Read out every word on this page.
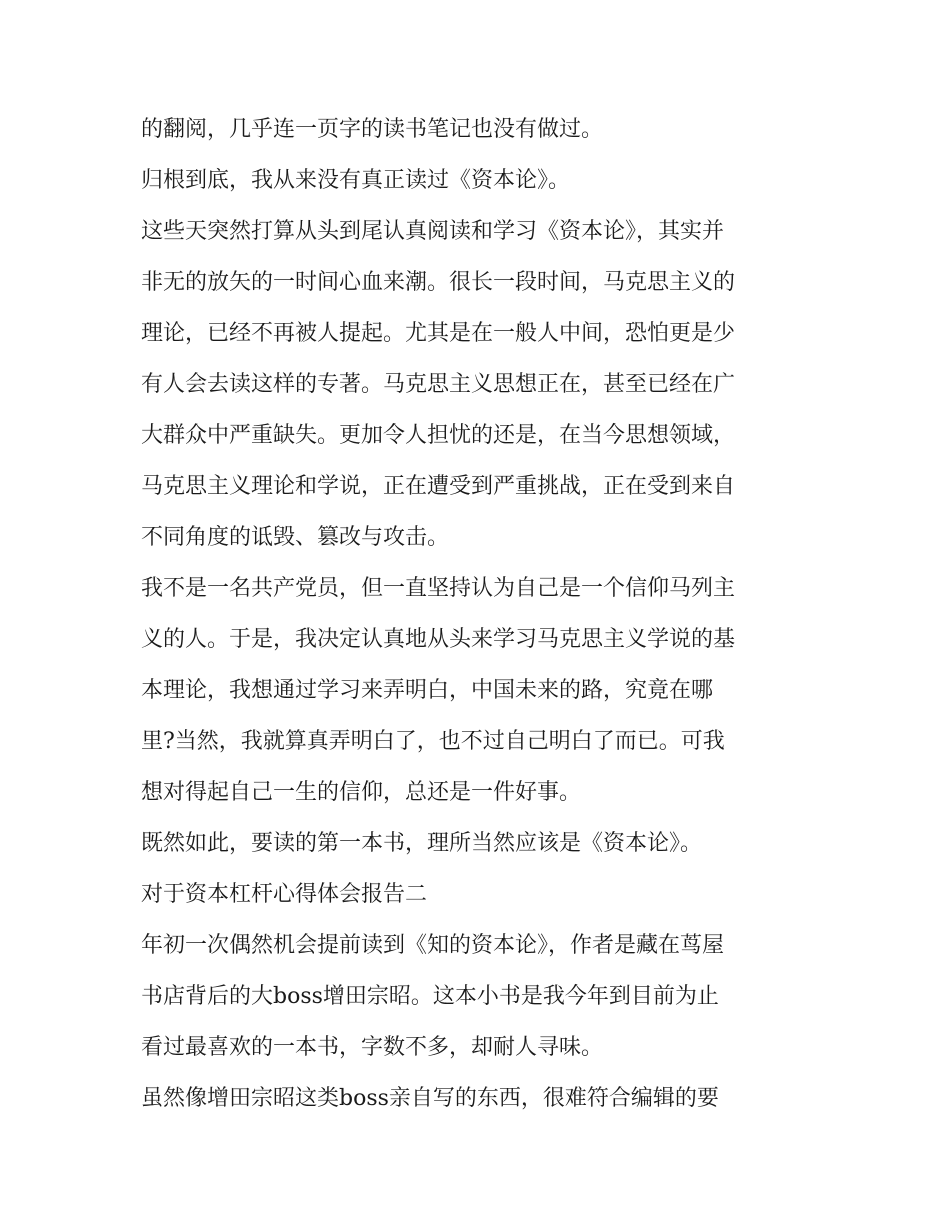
的翻阅，几乎连一页字的读书笔记也没有做过。

归根到底，我从来没有真正读过《资本论》。

这些天突然打算从头到尾认真阅读和学习《资本论》，其实并
非无的放矢的一时间心血来潮。很长一段时间，马克思主义的
理论，已经不再被人提起。尤其是在一般人中间，恐怕更是少
有人会去读这样的专著。马克思主义思想正在，甚至已经在广
大群众中严重缺失。更加令人担忧的还是，在当今思想领域，
马克思主义理论和学说，正在遭受到严重挑战，正在受到来自
不同角度的诋毁、篡改与攻击。

我不是一名共产党员，但一直坚持认为自己是一个信仰马列主
义的人。于是，我决定认真地从头来学习马克思主义学说的基
本理论，我想通过学习来弄明白，中国未来的路，究竟在哪
里?当然，我就算真弄明白了，也不过自己明白了而已。可我
想对得起自己一生的信仰，总还是一件好事。

既然如此，要读的第一本书，理所当然应该是《资本论》。

对于资本杠杆心得体会报告二

年初一次偶然机会提前读到《知的资本论》，作者是藏在茑屋
书店背后的大boss增田宗昭。这本小书是我今年到目前为止
看过最喜欢的一本书，字数不多，却耐人寻味。

虽然像增田宗昭这类boss亲自写的东西，很难符合编辑的要
